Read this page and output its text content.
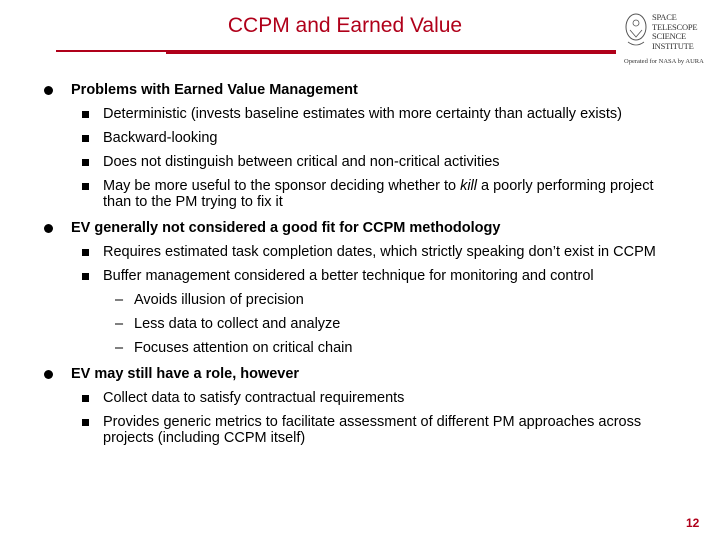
CCPM and Earned Value	SPACE
TELESCOPE
SCIENCE
INSTITUTE
Operated for NASA by AURA
Problems with Earned Value Management
Deterministic (invests baseline estimates with more certainty than actually exists)
Backward-looking
Does not distinguish between critical and non-critical activities
May be more useful to the sponsor deciding whether to kill a poorly performing project than to the PM trying to fix it
EV generally not considered a good fit for CCPM methodology
Requires estimated task completion dates, which strictly speaking don’t exist in CCPM
Buffer management considered a better technique for monitoring and control
– Avoids illusion of precision
– Less data to collect and analyze
– Focuses attention on critical chain
EV may still have a role, however
Collect data to satisfy contractual requirements
Provides generic metrics to facilitate assessment of different PM approaches across projects (including CCPM itself)
12
